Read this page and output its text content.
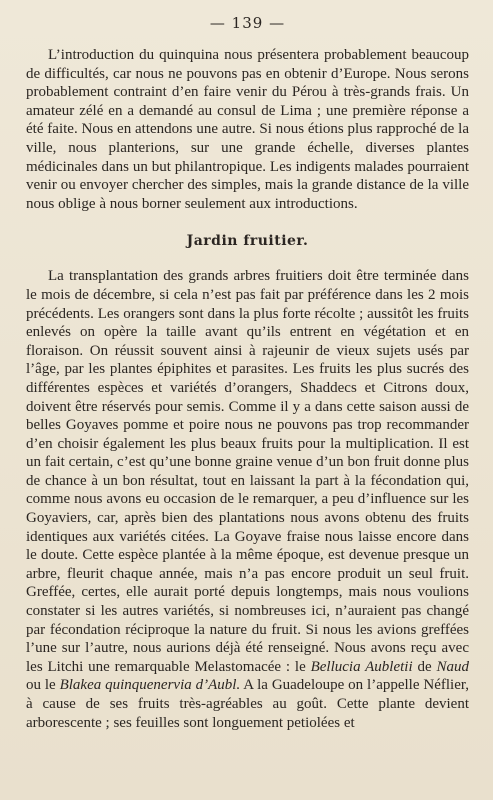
— 139 —

L’introduction du quinquina nous présentera probablement beaucoup de difficultés, car nous ne pouvons pas en obtenir d’Europe. Nous serons probablement contraint d’en faire venir du Pérou à très-grands frais. Un amateur zélé en a demandé au consul de Lima ; une première réponse a été faite. Nous en attendons une autre. Si nous étions plus rapproché de la ville, nous planterions, sur une grande échelle, diverses plantes médicinales dans un but philantropique. Les indigents malades pourraient venir ou envoyer chercher des simples, mais la grande distance de la ville nous oblige à nous borner seulement aux introductions.

Jardin fruitier.

La transplantation des grands arbres fruitiers doit être terminée dans le mois de décembre, si cela n’est pas fait par préférence dans les 2 mois précédents. Les orangers sont dans la plus forte récolte ; aussitôt les fruits enlevés on opère la taille avant qu’ils entrent en végétation et en floraison. On réussit souvent ainsi à rajeunir de vieux sujets usés par l’âge, par les plantes épiphites et parasites. Les fruits les plus sucrés des différentes espèces et variétés d’orangers, Shaddecs et Citrons doux, doivent être réservés pour semis. Comme il y a dans cette saison aussi de belles Goyaves pomme et poire nous ne pouvons pas trop recommander d’en choisir également les plus beaux fruits pour la multiplication. Il est un fait certain, c’est qu’une bonne graine venue d’un bon fruit donne plus de chance à un bon résultat, tout en laissant la part à la fécondation qui, comme nous avons eu occasion de le remarquer, a peu d’influence sur les Goyaviers, car, après bien des plantations nous avons obtenu des fruits identiques aux variétés citées. La Goyave fraise nous laisse encore dans le doute. Cette espèce plantée à la même époque, est devenue presque un arbre, fleurit chaque année, mais n’a pas encore produit un seul fruit. Greffée, certes, elle aurait porté depuis longtemps, mais nous voulions constater si les autres variétés, si nombreuses ici, n’auraient pas changé par fécondation réciproque la nature du fruit. Si nous les avions greffées l’une sur l’autre, nous aurions déjà été renseigné. Nous avons reçu avec les Litchi une remarquable Melastomacée : le Bellucia Aubletii de Naud ou le Blakea quinquenervia d’Aubl. A la Guadeloupe on l’appelle Néflier, à cause de ses fruits très-agréables au goût. Cette plante devient arborescente ; ses feuilles sont longuement petiolées et
